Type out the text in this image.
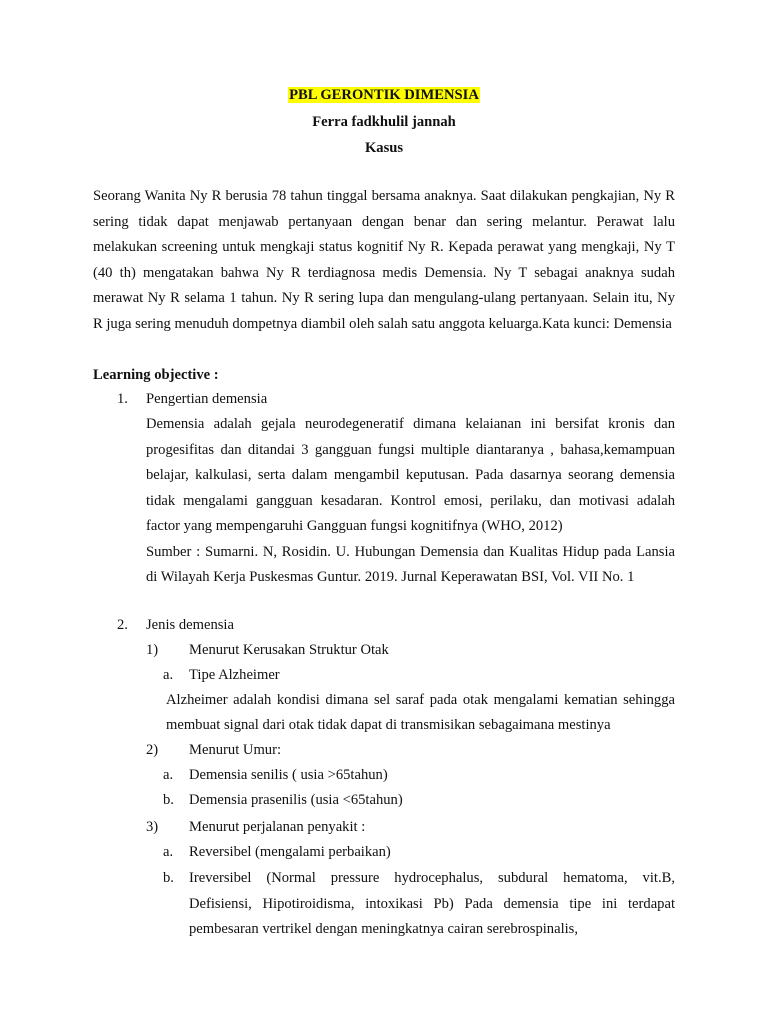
PBL GERONTIK DIMENSIA
Ferra fadkhulil jannah
Kasus
Seorang Wanita Ny R berusia 78 tahun tinggal bersama anaknya. Saat dilakukan pengkajian, Ny R sering tidak dapat menjawab pertanyaan dengan benar dan sering melantur. Perawat lalu melakukan screening untuk mengkaji status kognitif Ny R. Kepada perawat yang mengkaji, Ny T (40 th) mengatakan bahwa Ny R terdiagnosa medis Demensia. Ny T sebagai anaknya sudah merawat Ny R selama 1 tahun. Ny R sering lupa dan mengulang-ulang pertanyaan. Selain itu, Ny R juga sering menuduh dompetnya diambil oleh salah satu anggota keluarga.Kata kunci: Demensia
Learning objective :
1. Pengertian demensia
Demensia adalah gejala neurodegeneratif dimana kelaianan ini bersifat kronis dan
progesifitas dan ditandai 3 gangguan fungsi multiple diantaranya , bahasa,kemampuan
belajar, kalkulasi, serta dalam mengambil keputusan. Pada dasarnya seorang demensia
tidak mengalami gangguan kesadaran. Kontrol emosi, perilaku, dan motivasi adalah
factor yang mempengaruhi Gangguan fungsi kognitifnya (WHO, 2012)
Sumber : Sumarni. N, Rosidin. U. Hubungan Demensia dan Kualitas Hidup pada Lansia
di Wilayah Kerja Puskesmas Guntur. 2019. Jurnal Keperawatan BSI, Vol. VII No. 1
2. Jenis demensia
1) Menurut Kerusakan Struktur Otak
a. Tipe Alzheimer
Alzheimer adalah kondisi dimana sel saraf pada otak mengalami kematian sehingga
membuat signal dari otak tidak dapat di transmisikan sebagaimana mestinya
2) Menurut Umur:
a. Demensia senilis ( usia >65tahun)
b. Demensia prasenilis (usia <65tahun)
3) Menurut perjalanan penyakit :
a. Reversibel (mengalami perbaikan)
b. Ireversibel (Normal pressure hydrocephalus, subdural hematoma, vit.B,
Defisiensi, Hipotiroidisma, intoxikasi Pb) Pada demensia tipe ini terdapat
pembesaran vertrikel dengan meningkatnya cairan serebrospinalis,
